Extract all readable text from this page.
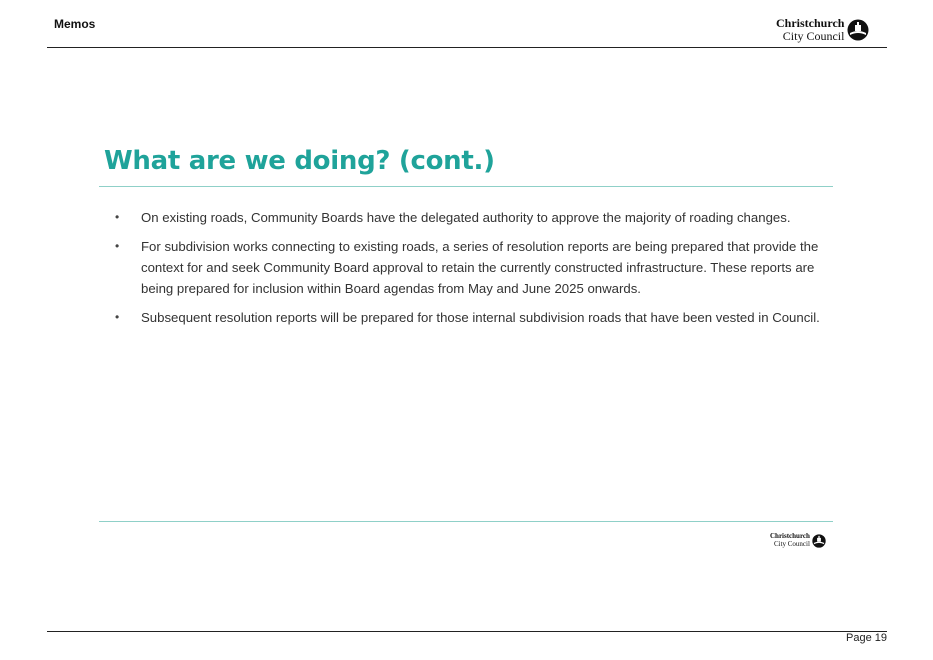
Memos	Christchurch
City Council
What are we doing? (cont.)
• On existing roads, Community Boards have the delegated authority to approve the majority of roading changes.
• For subdivision works connecting to existing roads, a series of resolution reports are being prepared that provide the context for and seek Community Board approval to retain the currently constructed infrastructure. These reports are being prepared for inclusion within Board agendas from May and June 2025 onwards.
• Subsequent resolution reports will be prepared for those internal subdivision roads that have been vested in Council.
Christchurch
City Council
Page 19
